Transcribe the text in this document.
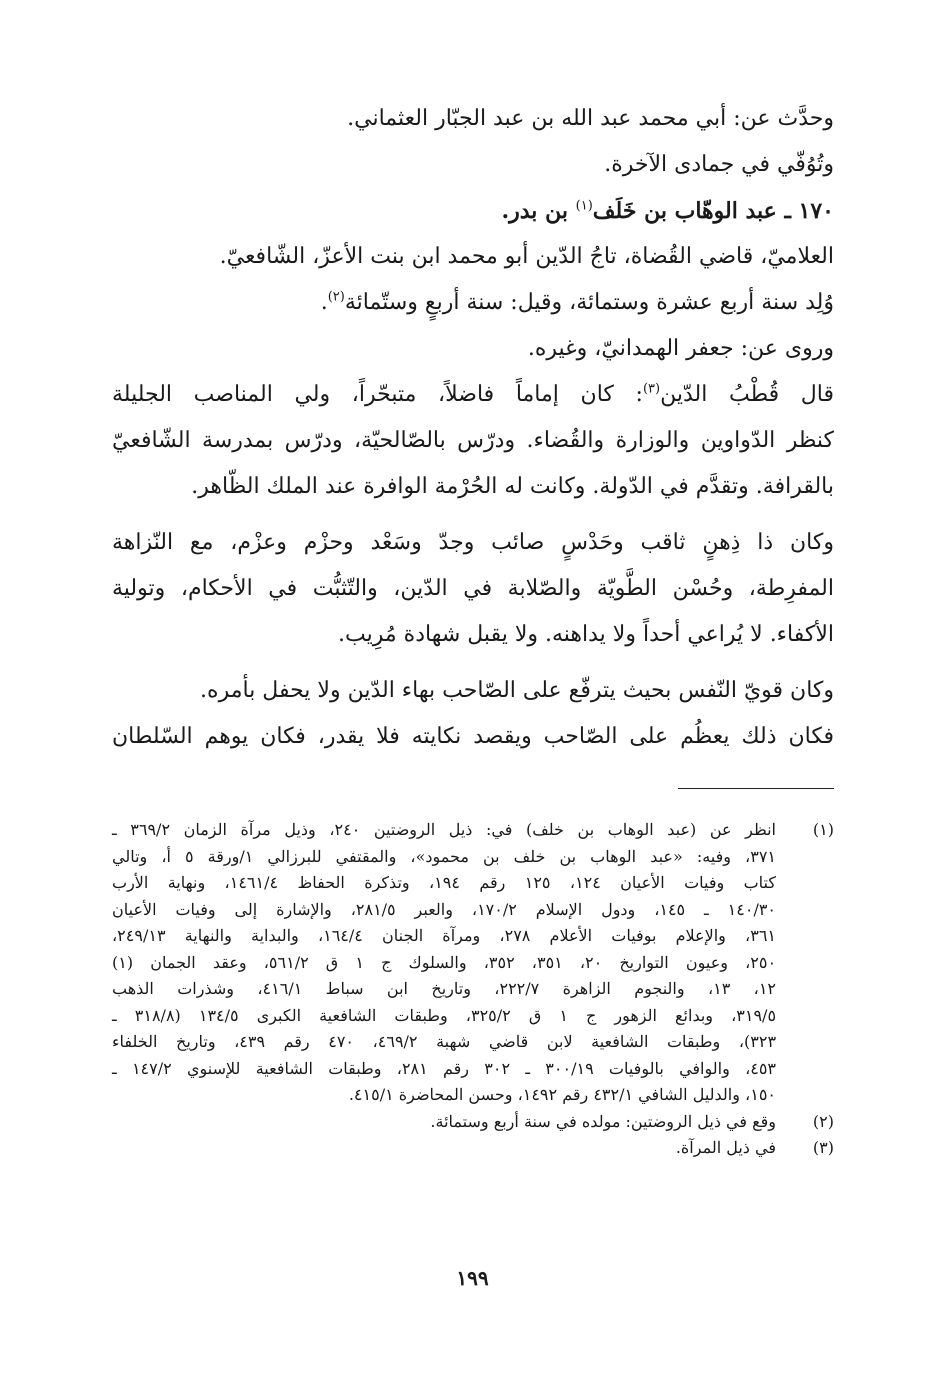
وحدَّث عن: أبي محمد عبد الله بن عبد الجبّار العثماني.
وتُوُفّي في جمادى الآخرة.
١٧٠ ـ عبد الوهّاب بن خَلَف$^{(١)}$ بن بدر.
العلاميّ، قاضي القُضاة، تاجُ الدّين أبو محمد ابن بنت الأعزّ، الشّافعيّ.
وُلِد سنة أربع عشرة وستمائة، وقيل: سنة أربعٍ وستّمائة$^{(٢)}$.
وروى عن: جعفر الهمدانيّ، وغيره.
قال قُطْبُ الدّين$^{(٣)}$: كان إماماً فاضلاً، متبحّراً، ولي المناصب الجليلة
كنظر الدّواوين والوزارة والقُضاء. ودرّس بالصّالحيّة، ودرّس بمدرسة الشّافعيّ
بالقرافة. وتقدَّم في الدّولة. وكانت له الحُرْمة الوافرة عند الملك الظّاهر.
وكان ذا ذِهنٍ ثاقب وحَدْسٍ صائب وجدّ وسَعْد وحزْم وعزْم، مع النّزاهة
المفرِطة، وحُسْن الطَّويّة والصّلابة في الدّين، والتّثبُّت في الأحكام، وتولية
الأكفاء. لا يُراعي أحداً ولا يداهنه. ولا يقبل شهادة مُرِيب.
وكان قويّ النّفس بحيث يترفّع على الصّاحب بهاء الدّين ولا يحفل بأمره.
فكان ذلك يعظُم على الصّاحب ويقصد نكايته فلا يقدر، فكان يوهم السّلطان
(١)
انظر عن (عبد الوهاب بن خلف) في: ذيل الروضتين ٢٤٠، وذيل مرآة الزمان ٣٦٩/٢ ـ
٣٧١، وفيه: «عبد الوهاب بن خلف بن محمود»، والمقتفي للبرزالي ١/ورقة ٥ أ، وتالي
كتاب وفيات الأعيان ١٢٤، ١٢٥ رقم ١٩٤، وتذكرة الحفاظ ١٤٦١/٤، ونهاية الأرب
١٤٠/٣٠ ـ ١٤٥، ودول الإسلام ١٧٠/٢، والعبر ٢٨١/٥، والإشارة إلى وفيات الأعيان
٣٦١، والإعلام بوفيات الأعلام ٢٧٨، ومرآة الجنان ١٦٤/٤، والبداية والنهاية ٢٤٩/١٣،
٢٥٠، وعيون التواريخ ٢٠، ٣٥١، ٣٥٢، والسلوك ج ١ ق ٥٦١/٢، وعقد الجمان (١)
١٢، ١٣، والنجوم الزاهرة ٢٢٢/٧، وتاريخ ابن سباط ٤١٦/١، وشذرات الذهب
٣١٩/٥، وبدائع الزهور ج ١ ق ٣٢٥/٢، وطبقات الشافعية الكبرى ١٣٤/٥ (٣١٨/٨ ـ
٣٢٣)، وطبقات الشافعية لابن قاضي شهبة ٤٦٩/٢، ٤٧٠ رقم ٤٣٩، وتاريخ الخلفاء
٤٥٣، والوافي بالوفيات ٣٠٠/١٩ ـ ٣٠٢ رقم ٢٨١، وطبقات الشافعية للإسنوي ١٤٧/٢ ـ
١٥٠، والدليل الشافي ٤٣٢/١ رقم ١٤٩٢، وحسن المحاضرة ٤١٥/١.
(٢)
وقع في ذيل الروضتين: مولده في سنة أربع وستمائة.
(٣)
في ذيل المرآة.
١٩٩
